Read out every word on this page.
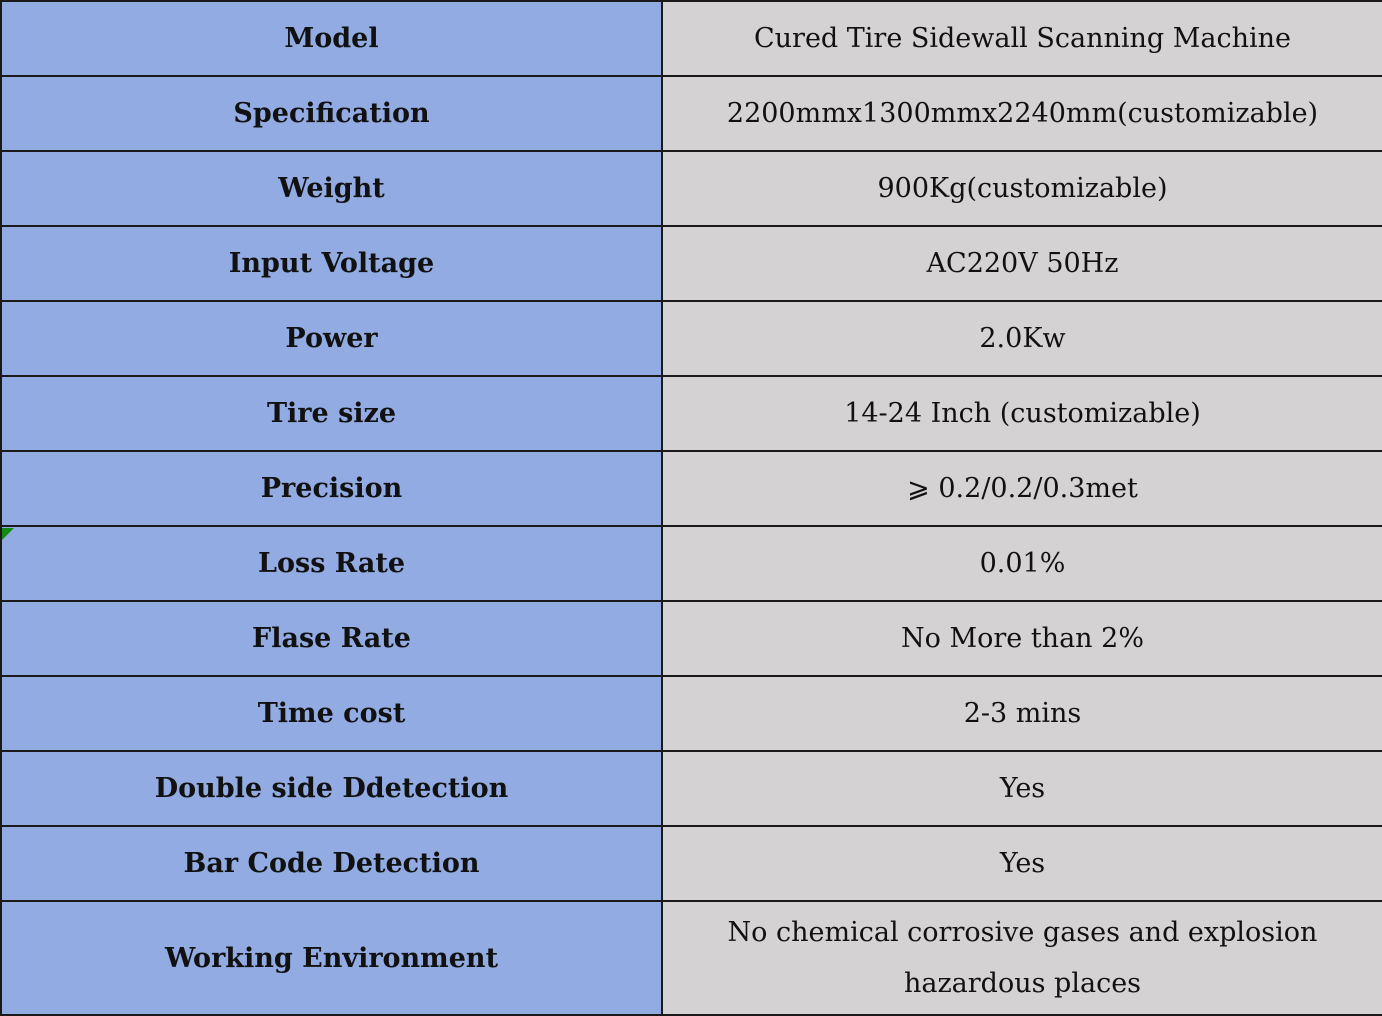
Model	Cured Tire Sidewall Scanning Machine
Specification	2200mmx1300mmx2240mm(customizable)
Weight	900Kg(customizable)
Input Voltage	AC220V 50Hz
Power	2.0Kw
Tire size	14-24 Inch (customizable)
Precision	⩾ 0.2/0.2/0.3met
Loss Rate	0.01%
Flase Rate	No More than 2%
Time cost	2-3 mins
Double side Ddetection	Yes
Bar Code Detection	Yes
Working Environment	No chemical corrosive gases and explosion hazardous places
